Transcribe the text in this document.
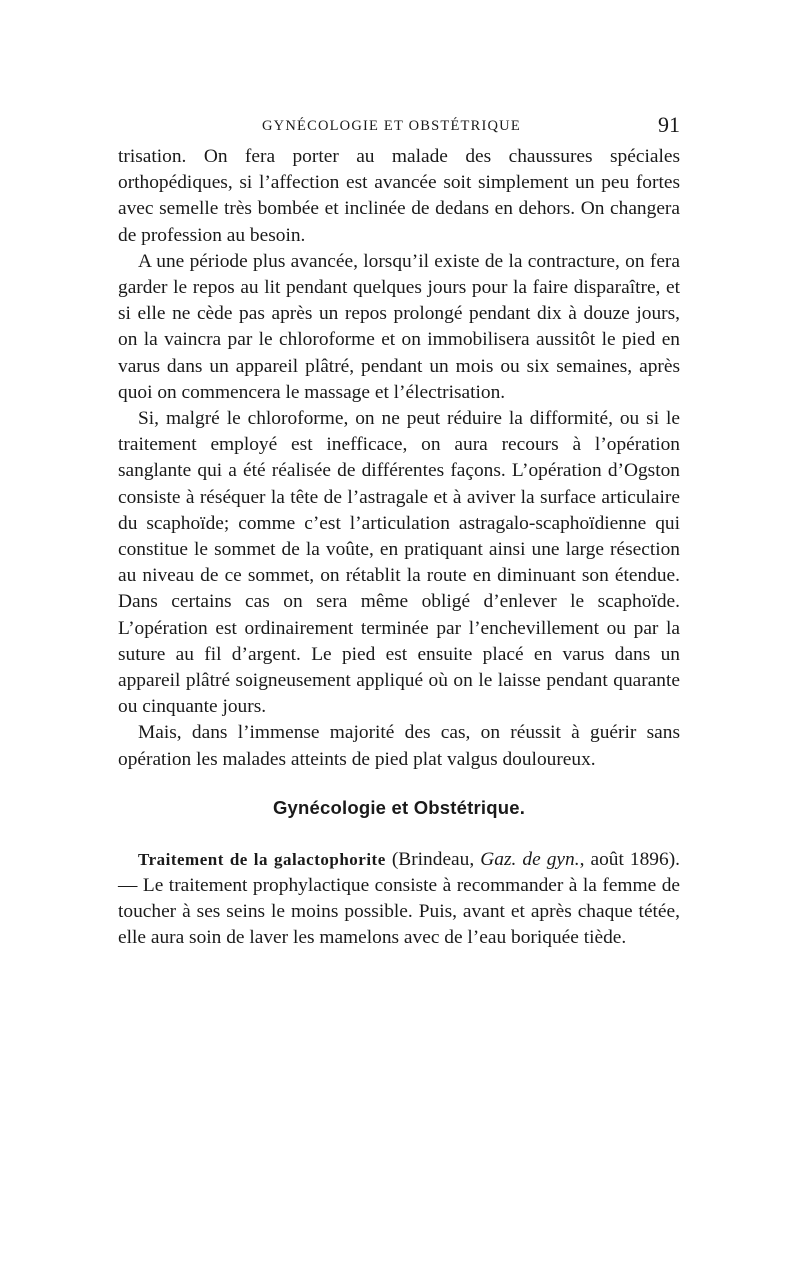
GYNÉCOLOGIE ET OBSTÉTRIQUE	91

trisation. On fera porter au malade des chaussures spéciales orthopédiques, si l’affection est avancée soit simplement un peu fortes avec semelle très bombée et inclinée de dedans en dehors. On changera de profession au besoin.

A une période plus avancée, lorsqu’il existe de la contracture, on fera garder le repos au lit pendant quelques jours pour la faire disparaître, et si elle ne cède pas après un repos prolongé pendant dix à douze jours, on la vaincra par le chloroforme et on immobilisera aussitôt le pied en varus dans un appareil plâtré, pendant un mois ou six semaines, après quoi on commencera le massage et l’électrisation.

Si, malgré le chloroforme, on ne peut réduire la difformité, ou si le traitement employé est inefficace, on aura recours à l’opération sanglante qui a été réalisée de différentes façons. L’opération d’Ogston consiste à réséquer la tête de l’astragale et à aviver la surface articulaire du scaphoïde; comme c’est l’articulation astragalo-scaphoïdienne qui constitue le sommet de la voûte, en pratiquant ainsi une large résection au niveau de ce sommet, on rétablit la route en diminuant son étendue. Dans certains cas on sera même obligé d’enlever le scaphoïde. L’opération est ordinairement terminée par l’enchevillement ou par la suture au fil d’argent. Le pied est ensuite placé en varus dans un appareil plâtré soigneusement appliqué où on le laisse pendant quarante ou cinquante jours.

Mais, dans l’immense majorité des cas, on réussit à guérir sans opération les malades atteints de pied plat valgus douloureux.

Gynécologie et Obstétrique.

Traitement de la galactophorite (Brindeau, Gaz. de gyn., août 1896). — Le traitement prophylactique consiste à recommander à la femme de toucher à ses seins le moins possible. Puis, avant et après chaque tétée, elle aura soin de laver les mamelons avec de l’eau boriquée tiède.
